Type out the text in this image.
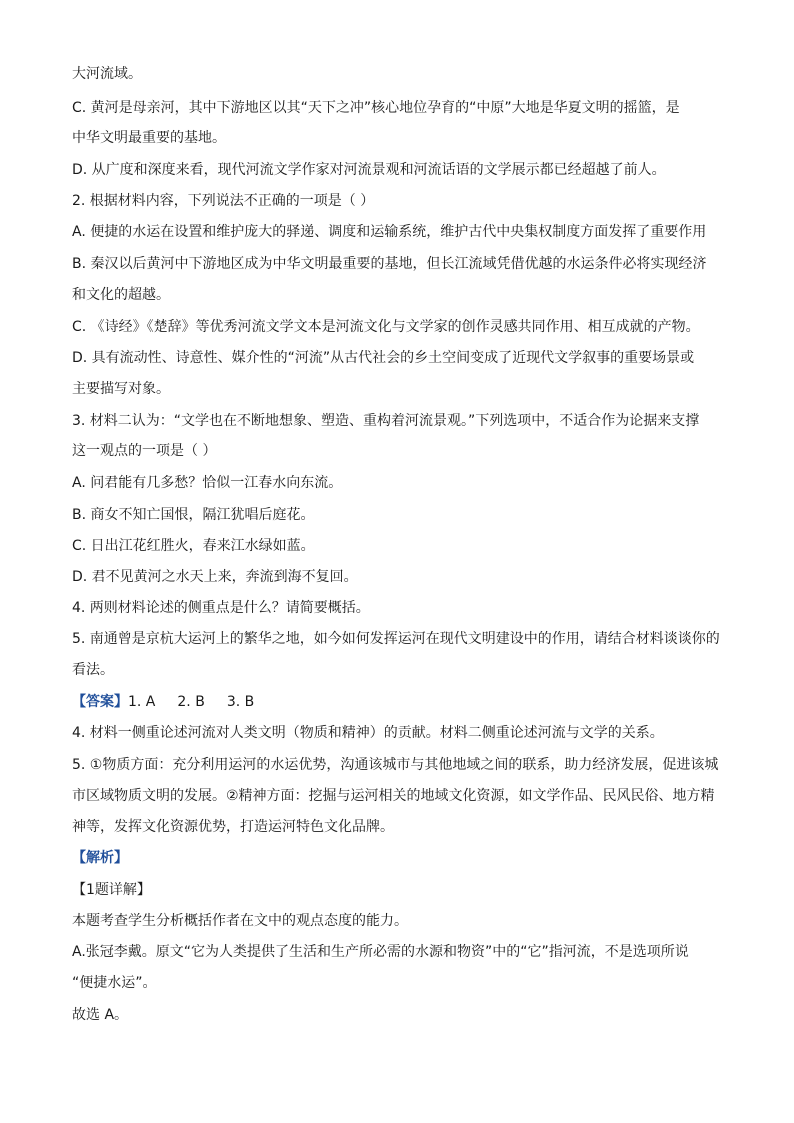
大河流域。
C. 黄河是母亲河，其中下游地区以其“天下之冲”核心地位孕育的“中原”大地是华夏文明的摇篮，是
中华文明最重要的基地。
D. 从广度和深度来看，现代河流文学作家对河流景观和河流话语的文学展示都已经超越了前人。
2. 根据材料内容，下列说法不正确的一项是（ ）
A. 便捷的水运在设置和维护庞大的驿递、调度和运输系统，维护古代中央集权制度方面发挥了重要作用
B. 秦汉以后黄河中下游地区成为中华文明最重要的基地，但长江流域凭借优越的水运条件必将实现经济
和文化的超越。
C. 《诗经》《楚辞》等优秀河流文学文本是河流文化与文学家的创作灵感共同作用、相互成就的产物。
D. 具有流动性、诗意性、媒介性的“河流”从古代社会的乡土空间变成了近现代文学叙事的重要场景或
主要描写对象。
3. 材料二认为：“文学也在不断地想象、塑造、重构着河流景观。”下列选项中，不适合作为论据来支撑
这一观点的一项是（ ）
A. 问君能有几多愁？恰似一江春水向东流。
B. 商女不知亡国恨，隔江犹唱后庭花。
C. 日出江花红胜火，春来江水绿如蓝。
D. 君不见黄河之水天上来，奔流到海不复回。
4. 两则材料论述的侧重点是什么？请简要概括。
5. 南通曾是京杭大运河上的繁华之地，如今如何发挥运河在现代文明建设中的作用，请结合材料谈谈你的
看法。
【答案】1. A 2. B 3. B
4. 材料一侧重论述河流对人类文明（物质和精神）的贡献。材料二侧重论述河流与文学的关系。
5. ①物质方面：充分利用运河的水运优势，沟通该城市与其他地域之间的联系，助力经济发展，促进该城
市区域物质文明的发展。②精神方面：挖掘与运河相关的地域文化资源，如文学作品、民风民俗、地方精
神等，发挥文化资源优势，打造运河特色文化品牌。
【解析】
【1题详解】
本题考查学生分析概括作者在文中的观点态度的能力。
A.张冠李戴。原文“它为人类提供了生活和生产所必需的水源和物资”中的“它”指河流，不是选项所说
“便捷水运”。
故选 A。
